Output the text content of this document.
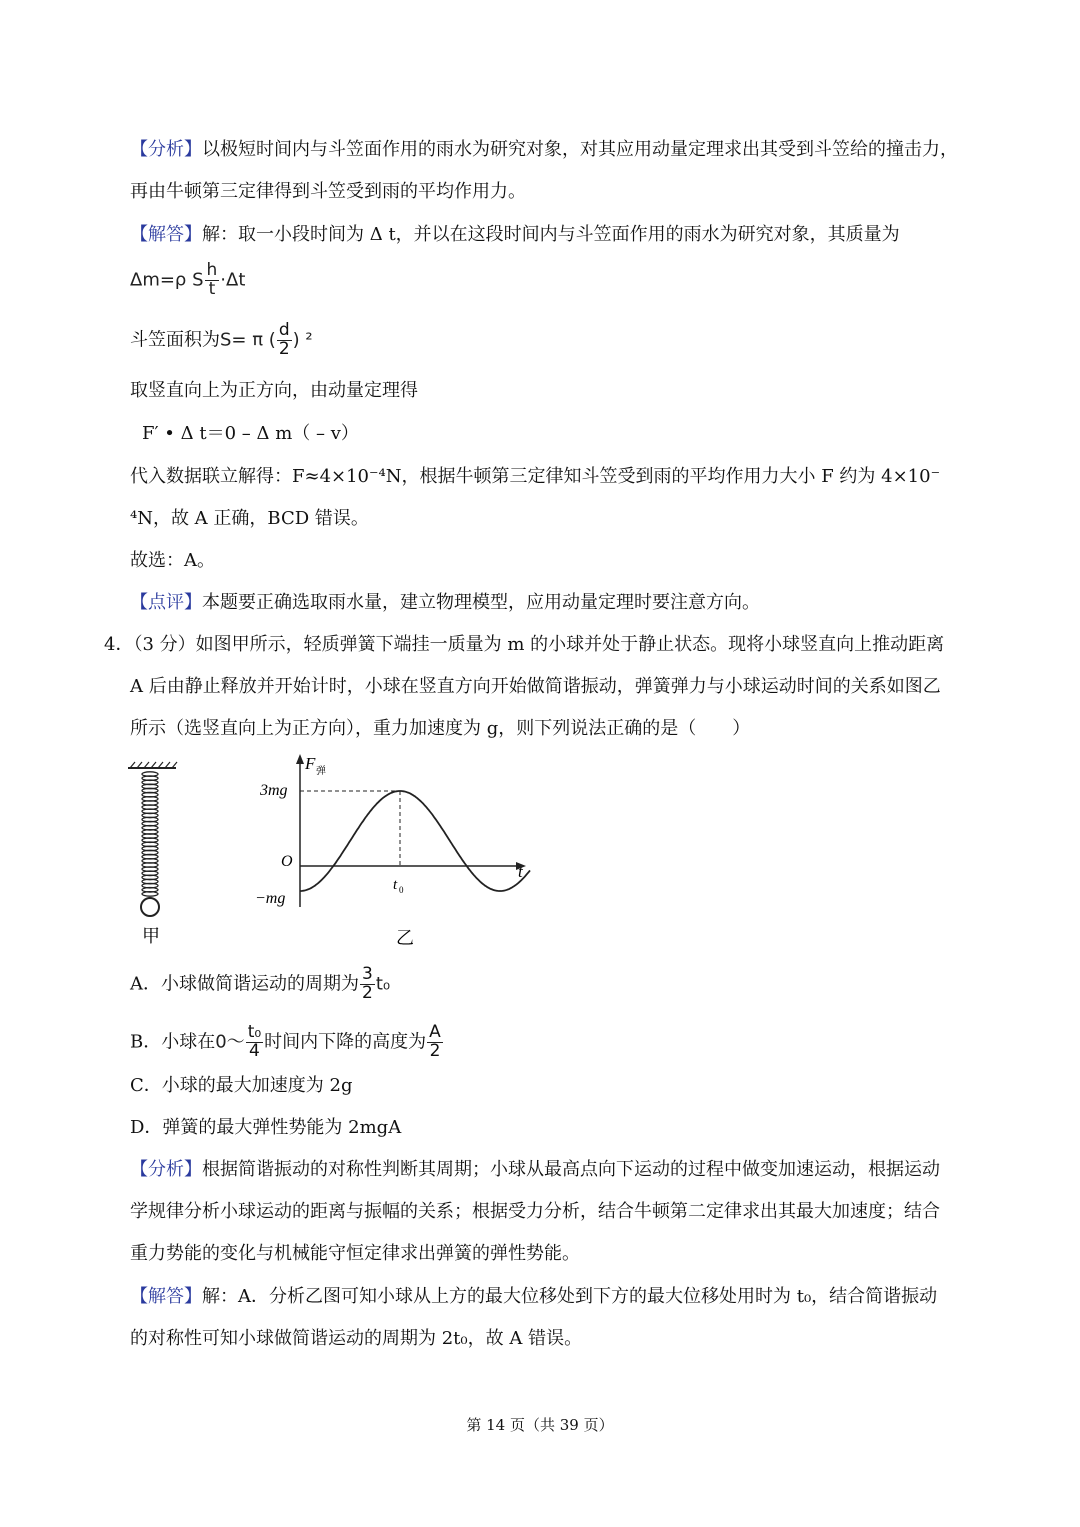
【分析】以极短时间内与斗笠面作用的雨水为研究对象，对其应用动量定理求出其受到斗笠给的撞击力，
再由牛顿第三定律得到斗笠受到雨的平均作用力。
【解答】解：取一小段时间为 Δ t，并以在这段时间内与斗笠面作用的雨水为研究对象，其质量为
Δm=ρ S $\frac{h}{t} \cdot\Delta t$
斗笠面积为S= π ( $\frac{d}{2}$ ) ²
取竖直向上为正方向，由动量定理得
F′ • Δ t＝0 – Δ m（ – v）
代入数据联立解得：F≈4×10⁻⁴N，根据牛顿第三定律知斗笠受到雨的平均作用力大小 F 约为 4×10⁻
⁴N，故 A 正确，BCD 错误。
故选：A。
【点评】本题要正确选取雨水量，建立物理模型，应用动量定理时要注意方向。
4．（3 分）如图甲所示，轻质弹簧下端挂一质量为 m 的小球并处于静止状态。现将小球竖直向上推动距离
A 后由静止释放并开始计时，小球在竖直方向开始做简谐振动，弹簧弹力与小球运动时间的关系如图乙
所示（选竖直向上为正方向），重力加速度为 g，则下列说法正确的是（　　）
甲
F 弹
t
O
3mg
−mg
t 0
乙
A．小球做简谐运动的周期为 $\frac{3}{2} t_0$
B．小球在0～ $\frac{\text{t₀}}{4}$ 时间内下降的高度为 $\frac{A}{2}$
C．小球的最大加速度为 2g
D．弹簧的最大弹性势能为 2mgA
【分析】根据简谐振动的对称性判断其周期；小球从最高点向下运动的过程中做变加速运动，根据运动
学规律分析小球运动的距离与振幅的关系；根据受力分析，结合牛顿第二定律求出其最大加速度；结合
重力势能的变化与机械能守恒定律求出弹簧的弹性势能。
【解答】解：A．分析乙图可知小球从上方的最大位移处到下方的最大位移处用时为 t₀，结合简谐振动
的对称性可知小球做简谐运动的周期为 2t₀，故 A 错误。
第 14 页（共 39 页）
